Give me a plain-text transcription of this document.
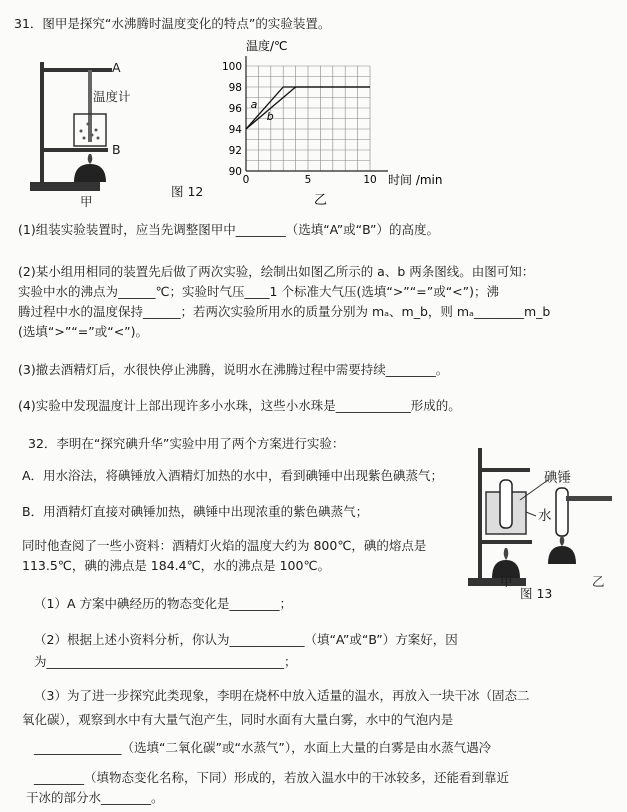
31．图甲是探究“水沸腾时温度变化的特点”的实验装置。
A
温度计
B
甲
图 12
温度/℃
时间 /min
乙
90
92
94
96
98
100
0	5	10
a
b
(1)组装实验装置时，应当先调整图甲中________（选填“A”或“B”）的高度。
(2)某小组用相同的装置先后做了两次实验，绘制出如图乙所示的 a、b 两条图线。由图可知：
实验中水的沸点为______℃；实验时气压____1 个标准大气压(选填“>”“=”或“<”)；沸
腾过程中水的温度保持______；若两次实验所用水的质量分别为 mₐ、m_b，则 mₐ________m_b
(选填“>”“=”或“<”)。
(3)撤去酒精灯后，水很快停止沸腾，说明水在沸腾过程中需要持续________。
(4)实验中发现温度计上部出现许多小水珠，这些小水珠是____________形成的。
32．李明在“探究碘升华”实验中用了两个方案进行实验：
A．用水浴法，将碘锤放入酒精灯加热的水中，看到碘锤中出现紫色碘蒸气；
B．用酒精灯直接对碘锤加热，碘锤中出现浓重的紫色碘蒸气；
同时他查阅了一些小资料：酒精灯火焰的温度大约为 800℃，碘的熔点是
113.5℃，碘的沸点是 184.4℃，水的沸点是 100℃。
碘锤
水
甲	乙
图 13
（1）A 方案中碘经历的物态变化是________；
（2）根据上述小资料分析，你认为____________（填“A”或“B”）方案好，因
为______________________________________；
（3）为了进一步探究此类现象，李明在烧杯中放入适量的温水，再放入一块干冰（固态二
氧化碳），观察到水中有大量气泡产生，同时水面有大量白雾，水中的气泡内是
______________（选填“二氧化碳”或“水蒸气”），水面上大量的白雾是由水蒸气遇冷
________（填物态变化名称，下同）形成的，若放入温水中的干冰较多，还能看到靠近
干冰的部分水________。
